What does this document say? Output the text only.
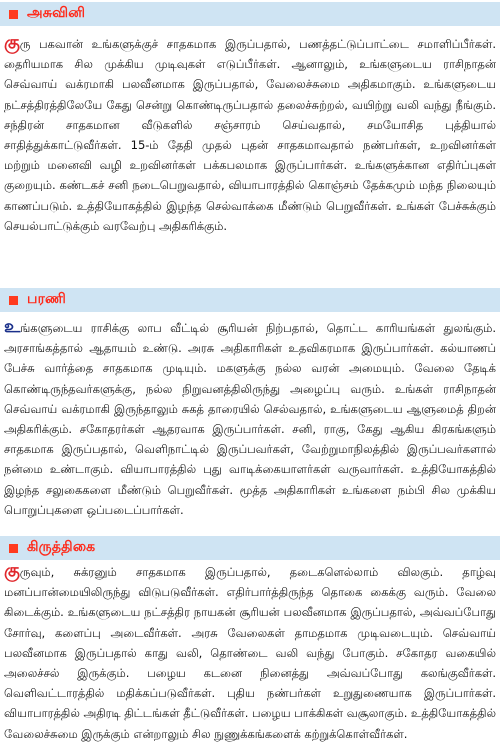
அசுவினி
குரு பகவான் உங்களுக்குச் சாதகமாக இருப்பதால், பணத்தட்டுப்பாட்டை சமாளிப்பீர்கள். தைரியமாக சில முக்கிய முடிவுகள் எடுப்பீர்கள். ஆனாலும், உங்களுடைய ராசிநாதன் செவ்வாய் வக்ரமாகி பலவீனமாக இருப்பதால், வேலைச்சுமை அதிகமாகும். உங்களுடைய நட்சத்திரத்திலேயே கேது சென்று கொண்டிருப்பதால் தலைச்சுற்றல், வயிற்று வலி வந்து நீங்கும். சந்திரன் சாதகமான வீடுகளில் சஞ்சாரம் செய்வதால், சமயோசித புத்தியால் சாதித்துக்காட்டுவீர்கள். 15-ம் தேதி முதல் புதன் சாதகமாவதால் நண்பர்கள், உறவினர்கள் மற்றும் மனைவி வழி உறவினர்கள் பக்கபலமாக இருப்பார்கள். உங்களுக்கான எதிர்ப்புகள் குறையும். கண்டகச் சனி நடைபெறுவதால், வியாபாரத்தில் கொஞ்சம் தேக்கமும் மந்த நிலையும் காணப்படும். உத்தியோகத்தில் இழந்த செல்வாக்கை மீண்டும் பெறுவீர்கள். உங்கள் பேச்சுக்கும் செயல்பாட்டுக்கும் வரவேற்பு அதிகரிக்கும்.
பரணி
உங்களுடைய ராசிக்கு லாப வீட்டில் சூரியன் நிற்பதால், தொட்ட காரியங்கள் துலங்கும். அரசாங்கத்தால் ஆதாயம் உண்டு. அரசு அதிகாரிகள் உதவிகரமாக இருப்பார்கள். கல்யாணப் பேச்சு வார்த்தை சாதகமாக முடியும். மகளுக்கு நல்ல வரன் அமையும். வேலை தேடிக் கொண்டிருந்தவர்களுக்கு, நல்ல நிறுவனத்திலிருந்து அழைப்பு வரும். உங்கள் ராசிநாதன் செவ்வாய் வக்ரமாகி இருந்தாலும் சுகத் தாரையில் செல்வதால், உங்களுடைய ஆளுமைத் திறன் அதிகரிக்கும். சகோதரர்கள் ஆதரவாக இருப்பார்கள். சனி, ராகு, கேது ஆகிய கிரகங்களும் சாதகமாக இருப்பதால், வெளிநாட்டில் இருப்பவர்கள், வேற்றுமாநிலத்தில் இருப்பவர்களால் நன்மை உண்டாகும். வியாபாரத்தில் புது வாடிக்கையாளர்கள் வருவார்கள். உத்தியோகத்தில் இழந்த சலுகைகளை மீண்டும் பெறுவீர்கள். மூத்த அதிகாரிகள் உங்களை நம்பி சில முக்கிய பொறுப்புகளை ஒப்படைப்பார்கள்.
கிருத்திகை
குருவும், சுக்ரனும் சாதகமாக இருப்பதால், தடைகளெல்லாம் விலகும். தாழ்வு மனப்பான்மையிலிருந்து விடுபடுவீர்கள். எதிர்பார்த்திருந்த தொகை கைக்கு வரும். வேலை கிடைக்கும். உங்களுடைய நட்சத்திர நாயகன் சூரியன் பலவீனமாக இருப்பதால், அவ்வப்போது சோர்வு, களைப்பு அடைவீர்கள். அரசு வேலைகள் தாமதமாக முடிவடையும். செவ்வாய் பலவீனமாக இருப்பதால் காது வலி, தொண்டை வலி வந்து போகும். சகோதர வகையில் அலைச்சல் இருக்கும். பழைய கடனை நினைத்து அவ்வப்போது கலங்குவீர்கள். வெளிவட்டாரத்தில் மதிக்கப்படுவீர்கள். புதிய நண்பர்கள் உறுதுணையாக இருப்பார்கள். வியாபாரத்தில் அதிரடி திட்டங்கள் தீட்டுவீர்கள். பழைய பாக்கிகள் வசூலாகும். உத்தியோகத்தில் வேலைச்சுமை இருக்கும் என்றாலும் சில நுணுக்கங்களைக் கற்றுக்கொள்வீர்கள்.
